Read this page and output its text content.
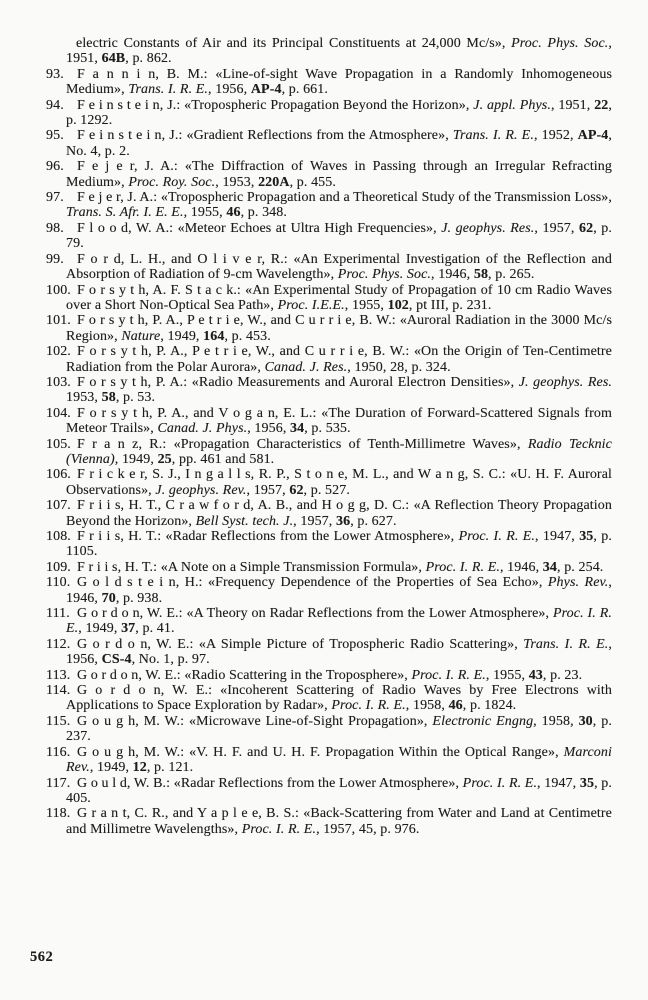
electric Constants of Air and its Principal Constituents at 24,000 Mc/s», Proc. Phys. Soc., 1951, 64B, p. 862.
93. F a n n i n, B. M.: «Line-of-sight Wave Propagation in a Randomly Inhomogeneous Medium», Trans. I. R. E., 1956, AP-4, p. 661.
94. F e i n s t e i n, J.: «Tropospheric Propagation Beyond the Horizon», J. appl. Phys., 1951, 22, p. 1292.
95. F e i n s t e i n, J.: «Gradient Reflections from the Atmosphere», Trans. I. R. E., 1952, AP-4, No. 4, p. 2.
96. F e j e r, J. A.: «The Diffraction of Waves in Passing through an Irregular Refracting Medium», Proc. Roy. Soc., 1953, 220A, p. 455.
97. F e j e r, J. A.: «Tropospheric Propagation and a Theoretical Study of the Transmission Loss», Trans. S. Afr. I. E. E., 1955, 46, p. 348.
98. F l o o d, W. A.: «Meteor Echoes at Ultra High Frequencies», J. geophys. Res., 1957, 62, p. 79.
99. F o r d, L. H., and O l i v e r, R.: «An Experimental Investigation of the Reflection and Absorption of Radiation of 9-cm Wavelength», Proc. Phys. Soc., 1946, 58, p. 265.
100. F o r s y t h, A. F. S t a c k.: «An Experimental Study of Propagation of 10 cm Radio Waves over a Short Non-Optical Sea Path», Proc. I.E.E., 1955, 102, pt III, p. 231.
101. F o r s y t h, P. A., P e t r i e, W., and C u r r i e, B. W.: «Auroral Radiation in the 3000 Mc/s Region», Nature, 1949, 164, p. 453.
102. F o r s y t h, P. A., P e t r i e, W., and C u r r i e, B. W.: «On the Origin of Ten-Centimetre Radiation from the Polar Aurora», Canad. J. Res., 1950, 28, p. 324.
103. F o r s y t h, P. A.: «Radio Measurements and Auroral Electron Densities», J. geophys. Res. 1953, 58, p. 53.
104. F o r s y t h, P. A., and V o g a n, E. L.: «The Duration of Forward-Scattered Signals from Meteor Trails», Canad. J. Phys., 1956, 34, p. 535.
105. F r a n z, R.: «Propagation Characteristics of Tenth-Millimetre Waves», Radio Tecknic (Vienna), 1949, 25, pp. 461 and 581.
106. F r i c k e r, S. J., I n g a l l s, R. P., S t o n e, M. L., and W a n g, S. C.: «U. H. F. Auroral Observations», J. geophys. Rev., 1957, 62, p. 527.
107. F r i i s, H. T., C r a w f o r d, A. B., and H o g g, D. C.: «A Reflection Theory Propagation Beyond the Horizon», Bell Syst. tech. J., 1957, 36, p. 627.
108. F r i i s, H. T.: «Radar Reflections from the Lower Atmosphere», Proc. I. R. E., 1947, 35, p. 1105.
109. F r i i s, H. T.: «A Note on a Simple Transmission Formula», Proc. I. R. E., 1946, 34, p. 254.
110. G o l d s t e i n, H.: «Frequency Dependence of the Properties of Sea Echo», Phys. Rev., 1946, 70, p. 938.
111. G o r d o n, W. E.: «A Theory on Radar Reflections from the Lower Atmosphere», Proc. I. R. E., 1949, 37, p. 41.
112. G o r d o n, W. E.: «A Simple Picture of Tropospheric Radio Scattering», Trans. I. R. E., 1956, CS-4, No. 1, p. 97.
113. G o r d o n, W. E.: «Radio Scattering in the Troposphere», Proc. I. R. E., 1955, 43, p. 23.
114. G o r d o n, W. E.: «Incoherent Scattering of Radio Waves by Free Electrons with Applications to Space Exploration by Radar», Proc. I. R. E., 1958, 46, p. 1824.
115. G o u g h, M. W.: «Microwave Line-of-Sight Propagation», Electronic Engng, 1958, 30, p. 237.
116. G o u g h, M. W.: «V. H. F. and U. H. F. Propagation Within the Optical Range», Marconi Rev., 1949, 12, p. 121.
117. G o u l d, W. B.: «Radar Reflections from the Lower Atmosphere», Proc. I. R. E., 1947, 35, p. 405.
118. G r a n t, C. R., and Y a p l e e, B. S.: «Back-Scattering from Water and Land at Centimetre and Millimetre Wavelengths», Proc. I. R. E., 1957, 45, p. 976.
562
